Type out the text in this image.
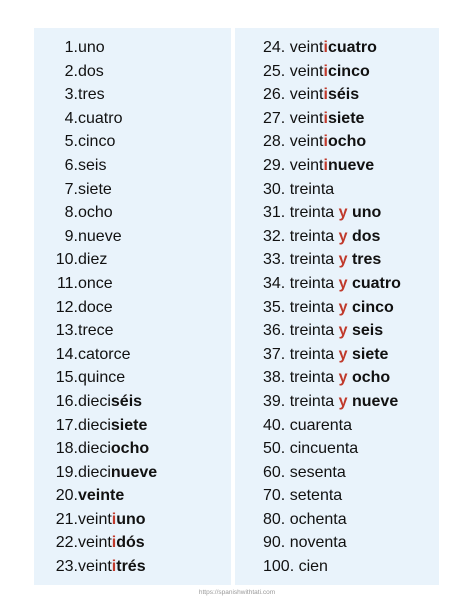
1.uno
2.dos
3.tres
4.cuatro
5.cinco
6.seis
7.siete
8.ocho
9.nueve
10.diez
11.once
12.doce
13.trece
14.catorce
15.quince
16.dieciséis
17.diecisiete
18.dieciocho
19.diecinueve
20.veinte
21.veintiuno
22.veintidós
23.veintitrés
24. veinticuatro
25. veinticinco
26. veintiséis
27. veintisiete
28. veintiocho
29. veintinueve
30. treinta
31. treinta y uno
32. treinta y dos
33. treinta y tres
34. treinta y cuatro
35. treinta y cinco
36. treinta y seis
37. treinta y siete
38. treinta y ocho
39. treinta y nueve
40. cuarenta
50. cincuenta
60. sesenta
70. setenta
80. ochenta
90. noventa
100. cien
https://spanishwithtati.com
